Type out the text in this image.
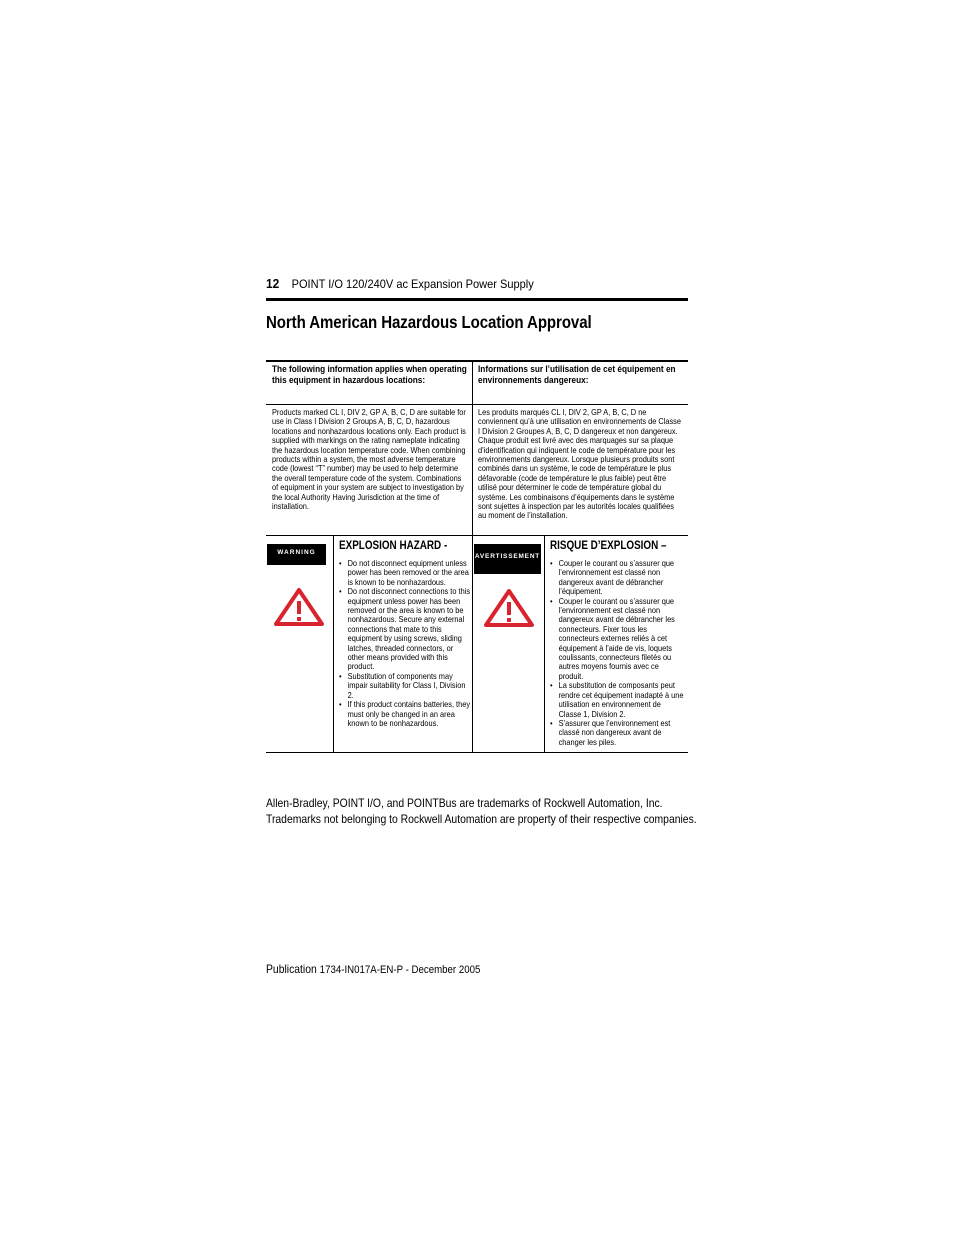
12 POINT I/O 120/240V ac Expansion Power Supply
North American Hazardous Location Approval
The following information applies when operating this equipment in hazardous locations:
Informations sur l’utilisation de cet équipement en environnements dangereux:
Products marked CL I, DIV 2, GP A, B, C, D are suitable for use in Class I Division 2 Groups A, B, C, D, hazardous locations and nonhazardous locations only. Each product is supplied with markings on the rating nameplate indicating the hazardous location temperature code. When combining products within a system, the most adverse temperature code (lowest “T” number) may be used to help determine the overall temperature code of the system. Combinations of equipment in your system are subject to investigation by the local Authority Having Jurisdiction at the time of installation.
Les produits marqués CL I, DIV 2, GP A, B, C, D ne conviennent qu’à une utilisation en environnements de Classe I Division 2 Groupes A, B, C, D dangereux et non dangereux. Chaque produit est livré avec des marquages sur sa plaque d’identification qui indiquent le code de température pour les environnements dangereux. Lorsque plusieurs produits sont combinés dans un système, le code de température le plus défavorable (code de température le plus faible) peut être utilisé pour déterminer le code de température global du système. Les combinaisons d’équipements dans le système sont sujettes à inspection par les autorités locales qualifiées au moment de l’installation.
WARNING
EXPLOSION HAZARD -
• Do not disconnect equipment unless power has been removed or the area is known to be nonhazardous.
• Do not disconnect connections to this equipment unless power has been removed or the area is known to be nonhazardous. Secure any external connections that mate to this equipment by using screws, sliding latches, threaded connectors, or other means provided with this product.
• Substitution of components may impair suitability for Class I, Division 2.
• If this product contains batteries, they must only be changed in an area known to be nonhazardous.
AVERTISSEMENT
RISQUE D’EXPLOSION –
• Couper le courant ou s’assurer que l’environnement est classé non dangereux avant de débrancher l’équipement.
• Couper le courant ou s’assurer que l’environnement est classé non dangereux avant de débrancher les connecteurs. Fixer tous les connecteurs externes reliés à cet équipement à l’aide de vis, loquets coulissants, connecteurs filetés ou autres moyens fournis avec ce produit.
• La substitution de composants peut rendre cet équipement inadapté à une utilisation en environnement de Classe 1, Division 2.
• S’assurer que l’environnement est classé non dangereux avant de changer les piles.
Allen-Bradley, POINT I/O, and POINTBus are trademarks of Rockwell Automation, Inc.
Trademarks not belonging to Rockwell Automation are property of their respective companies.
Publication 1734-IN017A-EN-P - December 2005
